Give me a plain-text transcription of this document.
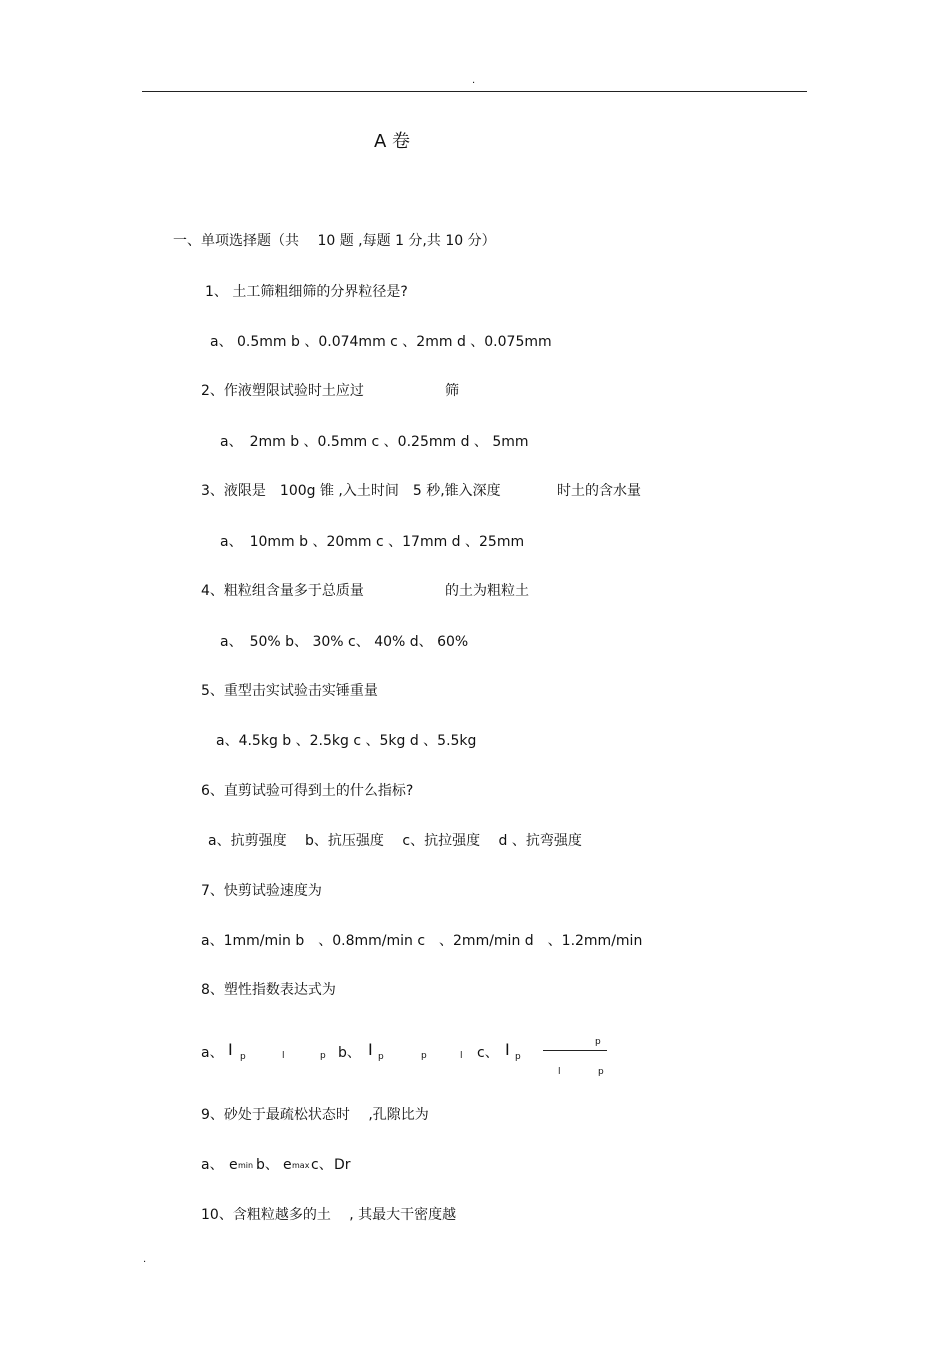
.
A 卷
一、单项选择题（共　 10 题 ,每题 1 分,共 10 分）
1、 土工筛粗细筛的分界粒径是?
a、 0.5mm b 、0.074mm c 、2mm d 、0.075mm
2、作液塑限试验时土应过	筛
a、　2mm b 、0.5mm c 、0.25mm d 、 5mm
3、液限是　100g 锥 ,入土时间　5 秒,锥入深度	时土的含水量
a、　10mm b 、20mm c 、17mm d 、25mm
4、粗粒组含量多于总质量	的土为粗粒土
a、　50% b、 30% c、 40% d、 60%
5、重型击实试验击实锤重量
a、4.5kg b 、2.5kg c 、5kg d 、5.5kg
6、直剪试验可得到土的什么指标?
a、抗剪强度　 b、抗压强度　 c、抗拉强度　 d 、抗弯强度
7、快剪试验速度为
a、1mm/min b　、0.8mm/min c　、2mm/min d　、1.2mm/min
8、塑性指数表达式为
a、 I p	l	p b、 I p	p	l c、 I p
p
l	p
9、砂处于最疏松状态时　 ,孔隙比为
a、 e min b、 e max c、 Dr
10、含粗粒越多的土　 , 其最大干密度越
.
